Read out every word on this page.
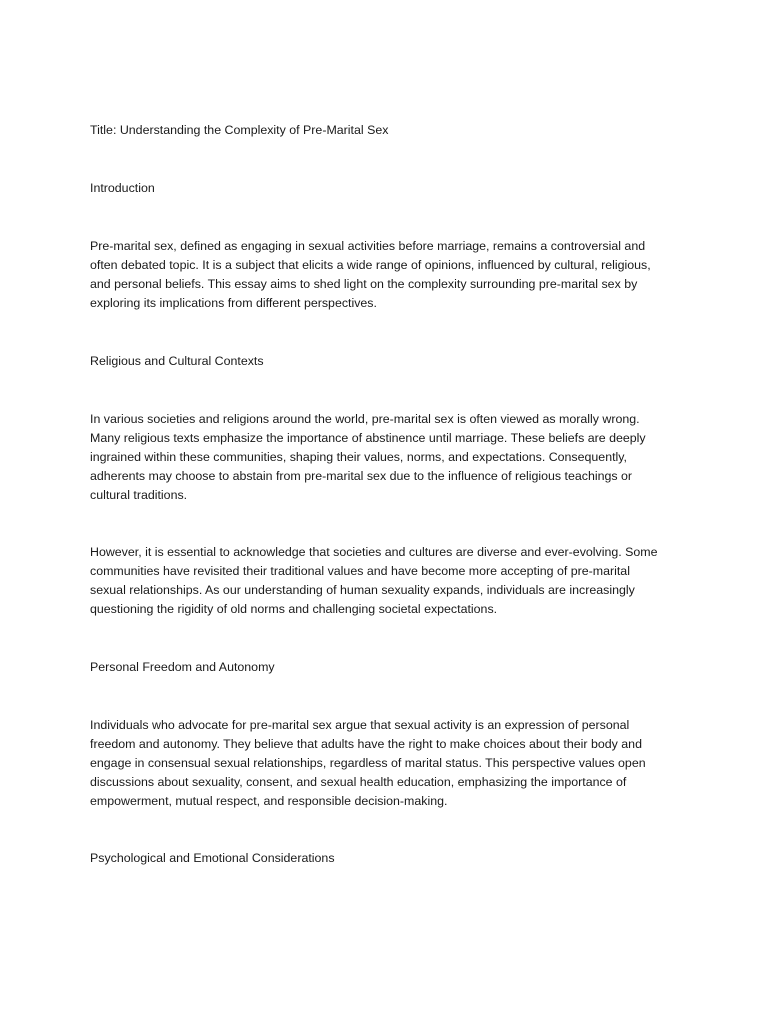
Title: Understanding the Complexity of Pre-Marital Sex

Introduction

Pre-marital sex, defined as engaging in sexual activities before marriage, remains a controversial and
often debated topic. It is a subject that elicits a wide range of opinions, influenced by cultural, religious,
and personal beliefs. This essay aims to shed light on the complexity surrounding pre-marital sex by
exploring its implications from different perspectives.

Religious and Cultural Contexts

In various societies and religions around the world, pre-marital sex is often viewed as morally wrong.
Many religious texts emphasize the importance of abstinence until marriage. These beliefs are deeply
ingrained within these communities, shaping their values, norms, and expectations. Consequently,
adherents may choose to abstain from pre-marital sex due to the influence of religious teachings or
cultural traditions.
However, it is essential to acknowledge that societies and cultures are diverse and ever-evolving. Some
communities have revisited their traditional values and have become more accepting of pre-marital
sexual relationships. As our understanding of human sexuality expands, individuals are increasingly
questioning the rigidity of old norms and challenging societal expectations.

Personal Freedom and Autonomy

Individuals who advocate for pre-marital sex argue that sexual activity is an expression of personal
freedom and autonomy. They believe that adults have the right to make choices about their body and
engage in consensual sexual relationships, regardless of marital status. This perspective values open
discussions about sexuality, consent, and sexual health education, emphasizing the importance of
empowerment, mutual respect, and responsible decision-making.

Psychological and Emotional Considerations
